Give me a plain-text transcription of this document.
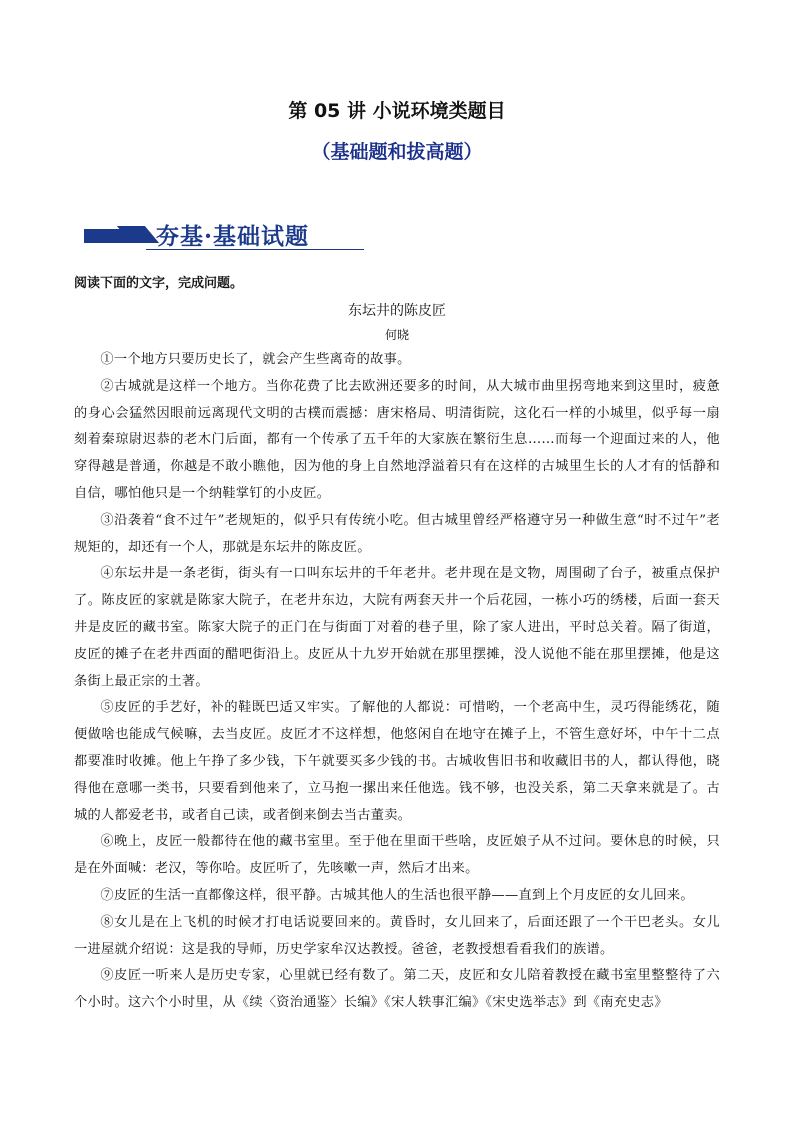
第 05 讲 小说环境类题目
（基础题和拔高题）
夯基·基础试题
阅读下面的文字，完成问题。
东坛井的陈皮匠
何晓

①一个地方只要历史长了，就会产生些离奇的故事。

②古城就是这样一个地方。当你花费了比去欧洲还要多的时间，从大城市曲里拐弯地来到这里时，疲惫的身心会猛然因眼前远离现代文明的古樸而震撼：唐宋格局、明清街院，这化石一样的小城里，似乎每一扇刻着秦琼尉迟恭的老木门后面，都有一个传承了五千年的大家族在繁衍生息……而每一个迎面过来的人，他穿得越是普通，你越是不敢小瞧他，因为他的身上自然地浮溢着只有在这样的古城里生长的人才有的恬静和自信，哪怕他只是一个纳鞋掌钉的小皮匠。

③沿袭着“食不过午”老规矩的，似乎只有传统小吃。但古城里曾经严格遵守另一种做生意“时不过午”老规矩的，却还有一个人，那就是东坛井的陈皮匠。

④东坛井是一条老街，街头有一口叫东坛井的千年老井。老井现在是文物，周围砌了台子，被重点保护了。陈皮匠的家就是陈家大院子，在老井东边，大院有两套天井一个后花园，一栋小巧的绣楼，后面一套天井是皮匠的藏书室。陈家大院子的正门在与街面丁对着的巷子里，除了家人进出，平时总关着。隔了街道，皮匠的摊子在老井西面的醋吧街沿上。皮匠从十九岁开始就在那里摆摊，没人说他不能在那里摆摊，他是这条街上最正宗的土著。

⑤皮匠的手艺好，补的鞋既巴适又牢实。了解他的人都说：可惜哟，一个老高中生，灵巧得能绣花，随便做啥也能成气候嘛，去当皮匠。皮匠才不这样想，他悠闲自在地守在摊子上，不管生意好坏，中午十二点都要准时收摊。他上午挣了多少钱，下午就要买多少钱的书。古城收售旧书和收藏旧书的人，都认得他，晓得他在意哪一类书，只要看到他来了，立马抱一摞出来任他选。钱不够，也没关系，第二天拿来就是了。古城的人都爱老书，或者自己读，或者倒来倒去当古董卖。

⑥晚上，皮匠一般都待在他的藏书室里。至于他在里面干些啥，皮匠娘子从不过问。要休息的时候，只是在外面喊：老汉，等你哈。皮匠听了，先咳嗽一声，然后才出来。

⑦皮匠的生活一直都像这样，很平静。古城其他人的生活也很平静——直到上个月皮匠的女儿回来。

⑧女儿是在上飞机的时候才打电话说要回来的。黄昏时，女儿回来了，后面还跟了一个干巴老头。女儿一进屋就介绍说：这是我的导师，历史学家牟汉达教授。爸爸，老教授想看看我们的族谱。

⑨皮匠一听来人是历史专家，心里就已经有数了。第二天，皮匠和女儿陪着教授在藏书室里整整待了六个小时。这六个小时里，从《续〈资治通鉴〉长编》《宋人轶事汇编》《宋史选举志》到《南充史志》
